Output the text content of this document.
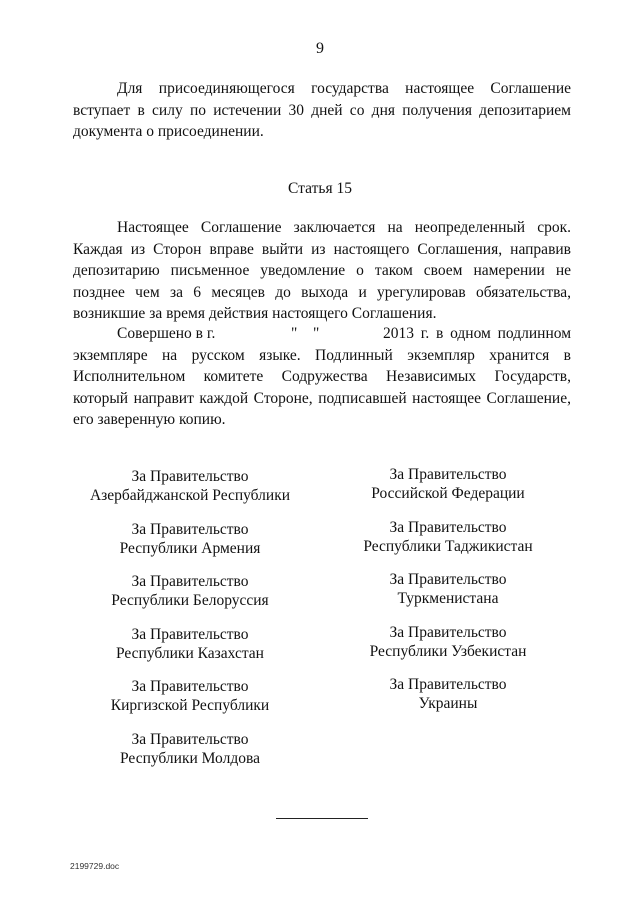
9

Для присоединяющегося государства настоящее Соглашение
вступает в силу по истечении 30 дней со дня получения депозитарием
документа о присоединении.

Статья 15

Настоящее Соглашение заключается на неопределенный срок.
Каждая из Сторон вправе выйти из настоящего Соглашения, направив
депозитарию письменное уведомление о таком своем намерении не
позднее чем за 6 месяцев до выхода и урегулировав обязательства,
возникшие за время действия настоящего Соглашения.

Совершено в г.	"	"	2013 г. в одном подлинном
экземпляре на русском языке. Подлинный экземпляр хранится в
Исполнительном комитете Содружества Независимых Государств,
который направит каждой Стороне, подписавшей настоящее Соглашение,
его заверенную копию.

За Правительство
Азербайджанской Республики
За Правительство
Республики Армения
За Правительство
Республики Белоруссия
За Правительство
Республики Казахстан
За Правительство
Киргизской Республики
За Правительство
Республики Молдова
За Правительство
Российской Федерации
За Правительство
Республики Таджикистан
За Правительство
Туркменистана
За Правительство
Республики Узбекистан
За Правительство
Украины
2199729.doc
